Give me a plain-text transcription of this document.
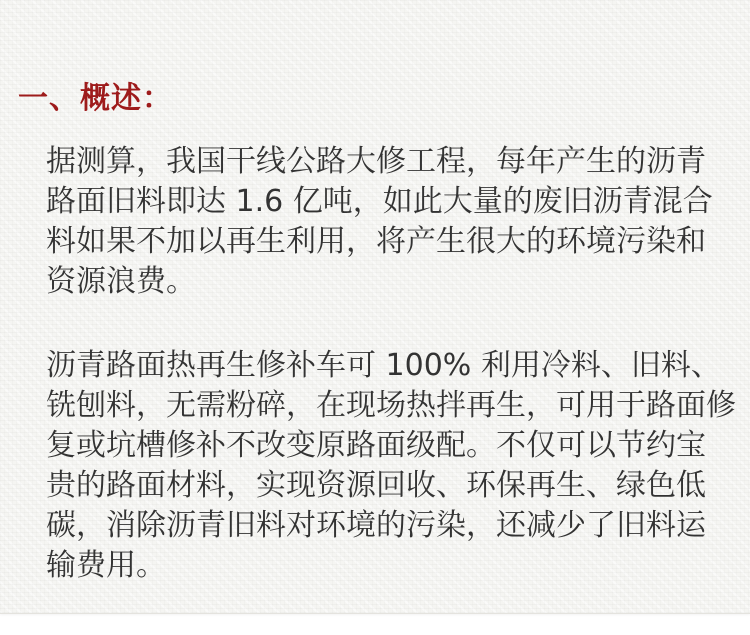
一、概述：
据测算，我国干线公路大修工程，每年产生的沥青
路面旧料即达 1.6 亿吨，如此大量的废旧沥青混合
料如果不加以再生利用，将产生很大的环境污染和
资源浪费。
沥青路面热再生修补车可 100% 利用冷料、旧料、
铣刨料，无需粉碎，在现场热拌再生，可用于路面修
复或坑槽修补不改变原路面级配。不仅可以节约宝
贵的路面材料，实现资源回收、环保再生、绿色低
碳，消除沥青旧料对环境的污染，还减少了旧料运
输费用。
